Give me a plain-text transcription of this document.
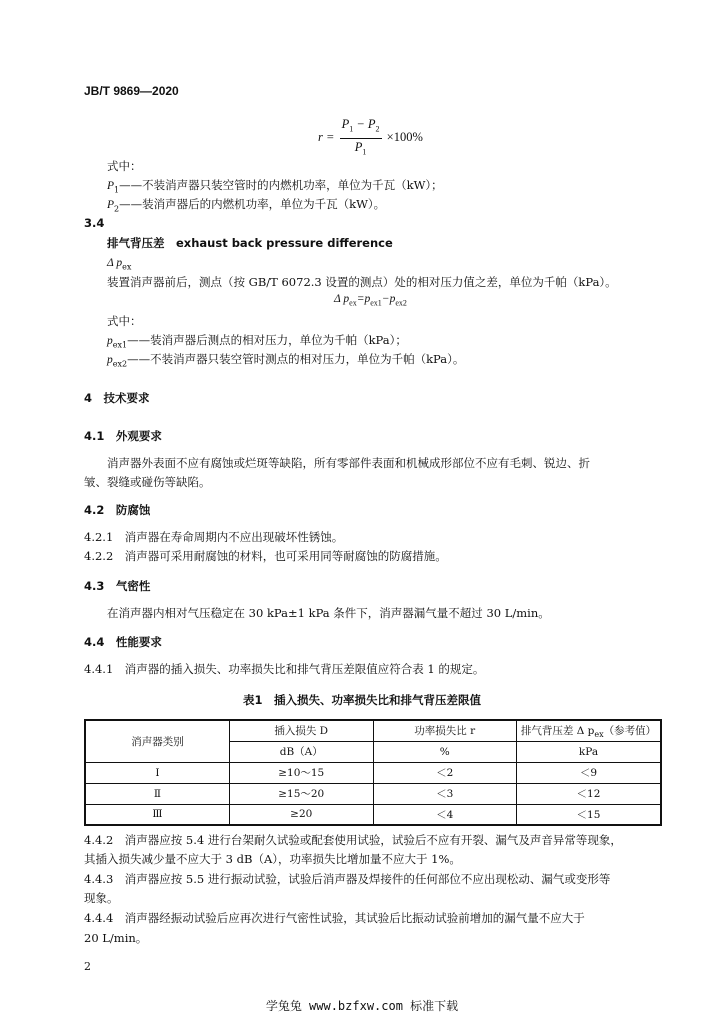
JB/T 9869—2020
$r = \frac{P_1 - P_2}{P_1} \times 100\%$
式中：
$P_1——$不装消声器只装空管时的内燃机功率，单位为千瓦（kW）；
$P_2——$装消声器后的内燃机功率，单位为千瓦（kW）。
3.4
排气背压差　exhaust back pressure difference
Δ $p_{ex}$
装置消声器前后，测点（按 GB/T 6072.3 设置的测点）处的相对压力值之差，单位为千帕（kPa）。
Δ $p_{ex}=p_{ex1}-p_{ex2}$
式中：
$p_{ex1}——$装消声器后测点的相对压力，单位为千帕（kPa）；
$p_{ex2}——$不装消声器只装空管时测点的相对压力，单位为千帕（kPa）。
4　技术要求
4.1　外观要求
消声器外表面不应有腐蚀或烂斑等缺陷，所有零部件表面和机械成形部位不应有毛刺、锐边、折
皱、裂缝或碰伤等缺陷。
4.2　防腐蚀
4.2.1　消声器在寿命周期内不应出现破坏性锈蚀。
4.2.2　消声器可采用耐腐蚀的材料，也可采用同等耐腐蚀的防腐措施。
4.3　气密性
在消声器内相对气压稳定在 30 kPa±1 kPa 条件下，消声器漏气量不超过 30 L/min。
4.4　性能要求
4.4.1　消声器的插入损失、功率损失比和排气背压差限值应符合表 1 的规定。
表1　插入损失、功率损失比和排气背压差限值
消声器类别	插入损失 D	功率损失比 r	排气背压差 Δ $p_{ex}$（参考值）
	dB（A）	%	kPa
Ⅰ	≥10～15	＜2	＜9
Ⅱ	≥15～20	＜3	＜12
Ⅲ	≥20	＜4	＜15
4.4.2　消声器应按 5.4 进行台架耐久试验或配套使用试验，试验后不应有开裂、漏气及声音异常等现象，
其插入损失减少量不应大于 3 dB（A），功率损失比增加量不应大于 1%。
4.4.3　消声器应按 5.5 进行振动试验，试验后消声器及焊接件的任何部位不应出现松动、漏气或变形等
现象。
4.4.4　消声器经振动试验后应再次进行气密性试验，其试验后比振动试验前增加的漏气量不应大于
20 L/min。
2
学兔兔 www.bzfxw.com 标准下载
